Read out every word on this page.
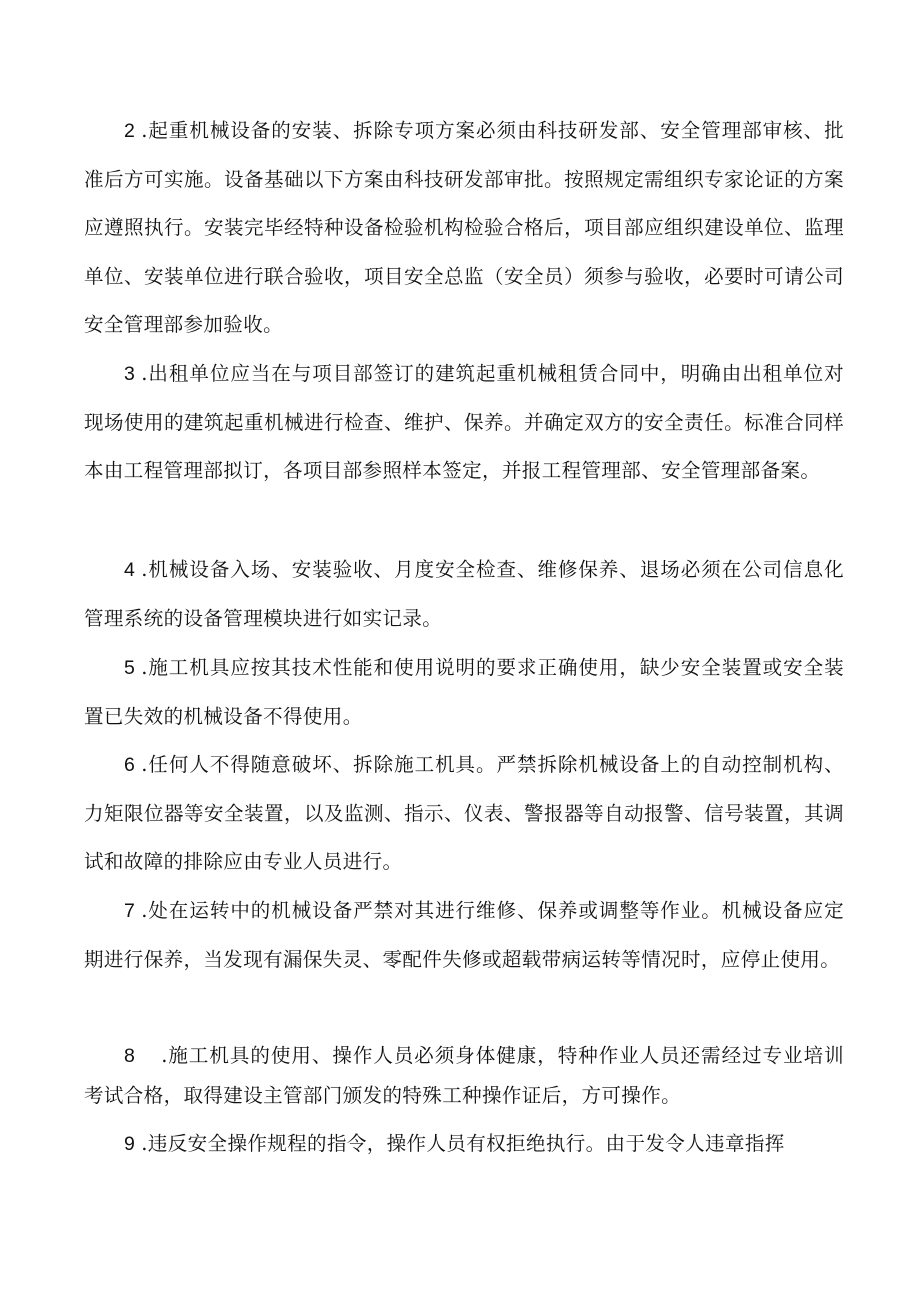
2 .起重机械设备的安装、拆除专项方案必须由科技研发部、安全管理部审核、批准后方可实施。设备基础以下方案由科技研发部审批。按照规定需组织专家论证的方案应遵照执行。安装完毕经特种设备检验机构检验合格后，项目部应组织建设单位、监理单位、安装单位进行联合验收，项目安全总监（安全员）须参与验收，必要时可请公司安全管理部参加验收。

3 .出租单位应当在与项目部签订的建筑起重机械租赁合同中，明确由出租单位对现场使用的建筑起重机械进行检查、维护、保养。并确定双方的安全责任。标准合同样本由工程管理部拟订，各项目部参照样本签定，并报工程管理部、安全管理部备案。

4 .机械设备入场、安装验收、月度安全检查、维修保养、退场必须在公司信息化管理系统的设备管理模块进行如实记录。

5 .施工机具应按其技术性能和使用说明的要求正确使用，缺少安全装置或安全装置已失效的机械设备不得使用。

6 .任何人不得随意破坏、拆除施工机具。严禁拆除机械设备上的自动控制机构、力矩限位器等安全装置，以及监测、指示、仪表、警报器等自动报警、信号装置，其调试和故障的排除应由专业人员进行。

7 .处在运转中的机械设备严禁对其进行维修、保养或调整等作业。机械设备应定期进行保养，当发现有漏保失灵、零配件失修或超载带病运转等情况时，应停止使用。

8 .施工机具的使用、操作人员必须身体健康，特种作业人员还需经过专业培训考试合格，取得建设主管部门颁发的特殊工种操作证后，方可操作。

9 .违反安全操作规程的指令，操作人员有权拒绝执行。由于发令人违章指挥
